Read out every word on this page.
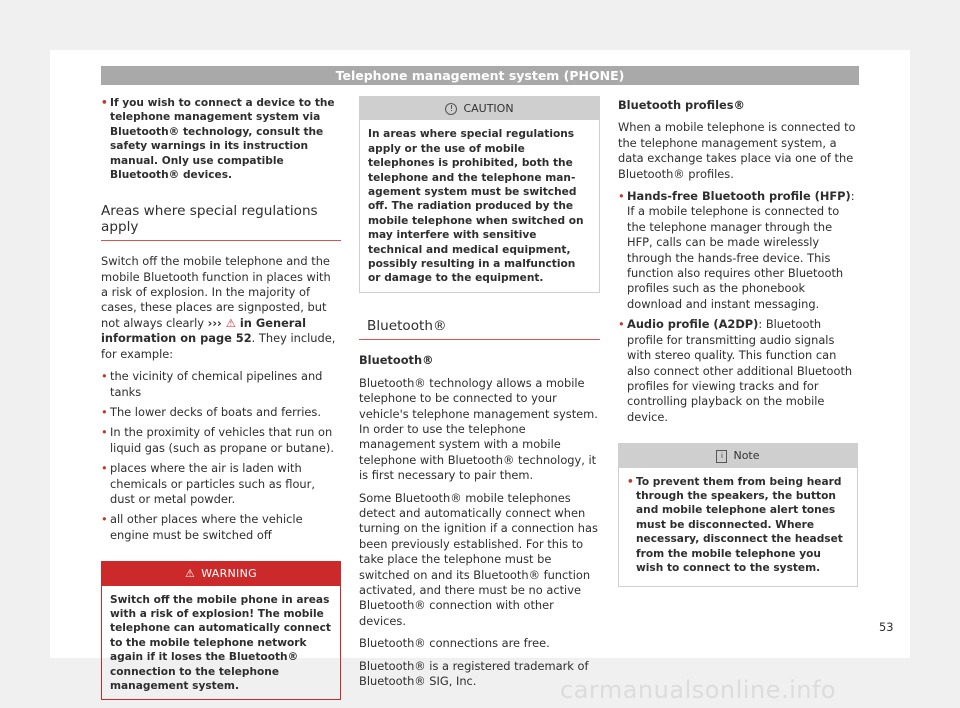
Telephone management system (PHONE)
• If you wish to connect a device to the telephone management system via Bluetooth® technology, consult the safety warnings in its instruction manual. Only use compatible Bluetooth® devices.
Areas where special regulations apply

Switch off the mobile telephone and the mobile Bluetooth function in places with a risk of explosion. In the majority of cases, these places are signposted, but not always clearly ››› ⚠ in General information on page 52. They include, for example:

• the vicinity of chemical pipelines and tanks
• The lower decks of boats and ferries.
• In the proximity of vehicles that run on liquid gas (such as propane or butane).
• places where the air is laden with chemicals or particles such as flour, dust or metal powder.
• all other places where the vehicle engine must be switched off
⚠ WARNING
Switch off the mobile phone in areas with a risk of explosion! The mobile telephone can automatically connect to the mobile telephone network again if it loses the Bluetooth® connection to the telephone management system.
! CAUTION
In areas where special regulations apply or the use of mobile telephones is prohibited, both the telephone and the telephone management system must be switched off. The radiation produced by the mobile telephone when switched on may interfere with sensitive technical and medical equipment, possibly resulting in a malfunction or damage to the equipment.
Bluetooth®

Bluetooth®

Bluetooth® technology allows a mobile telephone to be connected to your vehicle's telephone management system. In order to use the telephone management system with a mobile telephone with Bluetooth® technology, it is first necessary to pair them.

Some Bluetooth® mobile telephones detect and automatically connect when turning on the ignition if a connection has been previously established. For this to take place the telephone must be switched on and its Bluetooth® function activated, and there must be no active Bluetooth® connection with other devices.

Bluetooth® connections are free.

Bluetooth® is a registered trademark of Bluetooth® SIG, Inc.

Bluetooth profiles®

When a mobile telephone is connected to the telephone management system, a data exchange takes place via one of the Bluetooth® profiles.

• Hands-free Bluetooth profile (HFP): If a mobile telephone is connected to the telephone manager through the HFP, calls can be made wirelessly through the hands-free device. This function also requires other Bluetooth profiles such as the phonebook download and instant messaging.
• Audio profile (A2DP): Bluetooth profile for transmitting audio signals with stereo quality. This function can also connect other additional Bluetooth profiles for viewing tracks and for controlling playback on the mobile device.
i Note
• To prevent them from being heard through the speakers, the button and mobile telephone alert tones must be disconnected. Where necessary, disconnect the headset from the mobile telephone you wish to connect to the system.
53
carmanualsonline.info
